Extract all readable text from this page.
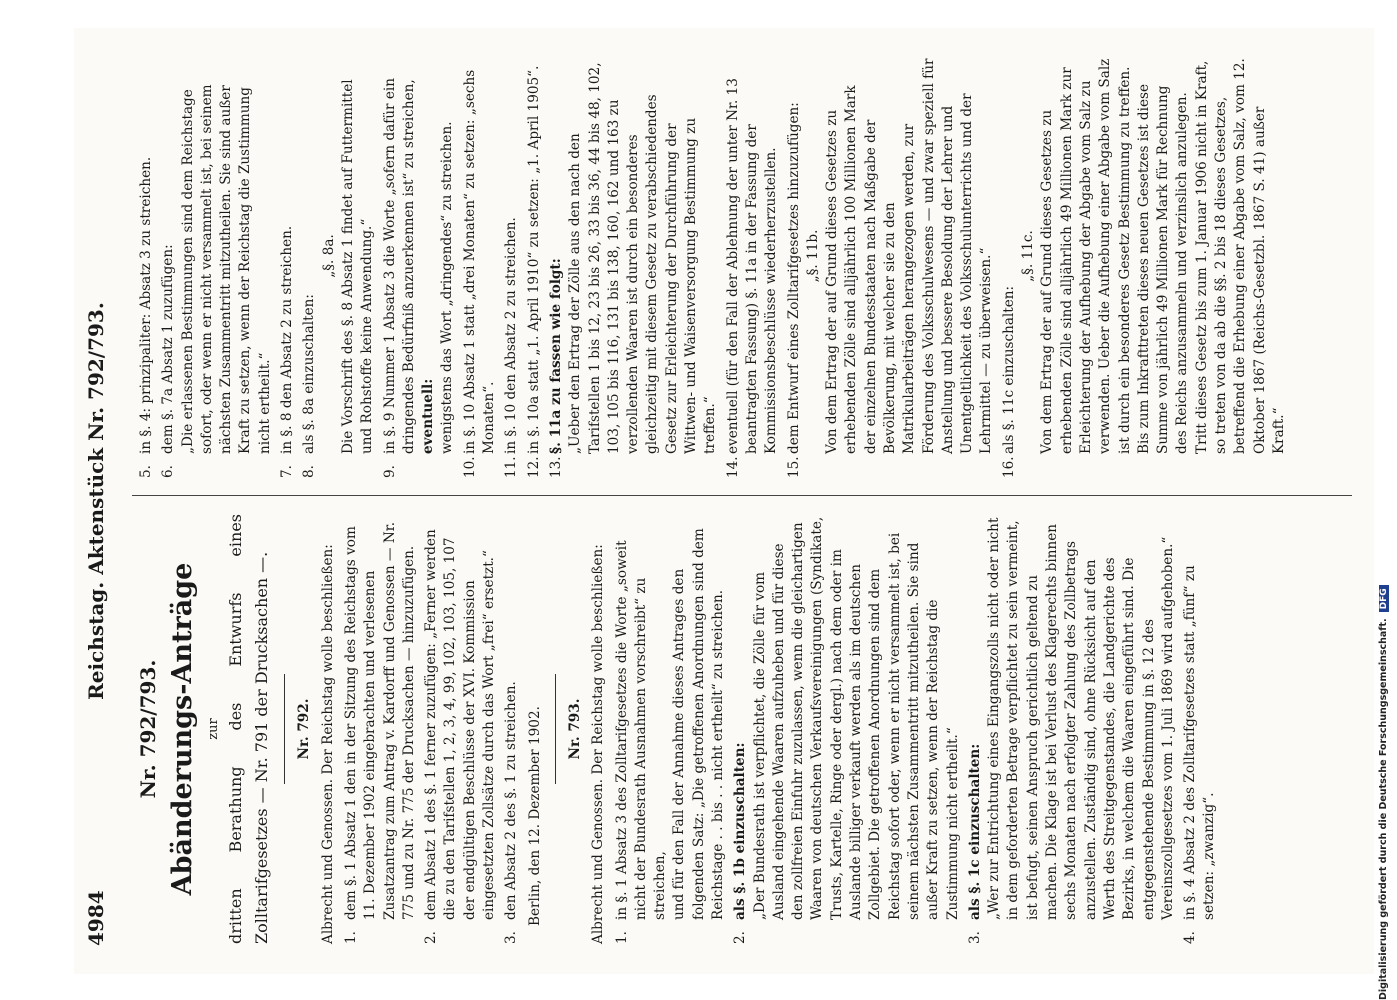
4984
Reichstag. Aktenstück Nr. 792/793.
Nr. 792/793. Abänderungs-Anträge zur dritten Berathung des Entwurfs eines Zolltarifgesetzes — Nr. 791 der Drucksachen —. Nr. 792. Albrecht und Genossen. Der Reichstag wolle beschließen: 1.
dem §. 1 Absatz 1 den in der Sitzung des Reichstags vom 11. Dezember 1902 eingebrachten und verlesenen Zusatzantrag zum Antrag v. Kardorff und Genossen — Nr. 775 und zu Nr. 775 der Drucksachen — hinzuzufügen.
2.
dem Absatz 1 des §. 1 ferner zuzufügen: „Ferner werden die zu den Tarifstellen 1, 2, 3, 4, 99, 102, 103, 105, 107 der endgültigen Beschlüsse der XVI. Kommission eingesetzten Zollsätze durch das Wort „frei“ ersetzt.“
3.
den Absatz 2 des §. 1 zu streichen. Berlin, den 12. Dezember 1902. Nr. 793. Albrecht und Genossen. Der Reichstag wolle beschließen: 1.
in §. 1 Absatz 3 des Zolltarifgesetzes die Worte „soweit nicht der Bundesrath Ausnahmen vorschreibt“ zu streichen, und für den Fall der Annahme dieses Antrages den folgenden Satz: „Die getroffenen Anordnungen sind dem Reichstage . . bis . . nicht ertheilt“ zu streichen.
2.
als §. 1b einzuschalten: „Der Bundesrath ist verpflichtet, die Zölle für vom Ausland eingehende Waaren aufzuheben und für diese den zollfreien Einfuhr zuzulassen, wenn die gleichartigen Waaren von deutschen Verkaufsvereinigungen (Syndikate, Trusts, Kartelle, Ringe oder dergl.) nach dem oder im Auslande billiger verkauft werden als im deutschen Zollgebiet. Die getroffenen Anordnungen sind dem Reichstag sofort oder, wenn er nicht versammelt ist, bei seinem nächsten Zusammentritt mitzutheilen. Sie sind außer Kraft zu setzen, wenn der Reichstag die Zustimmung nicht ertheilt.“
3.
als §. 1c einzuschalten: „Wer zur Entrichtung eines Eingangszolls nicht oder nicht in dem geforderten Betrage verpflichtet zu sein vermeint, ist befugt, seinen Anspruch gerichtlich geltend zu machen. Die Klage ist bei Verlust des Klagerechts binnen sechs Monaten nach erfolgter Zahlung des Zollbetrags anzustellen. Zuständig sind, ohne Rücksicht auf den Werth des Streitgegenstandes, die Landgerichte des Bezirks, in welchem die Waaren eingeführt sind. Die entgegenstehende Bestimmung in §. 12 des Vereinszollgesetzes vom 1. Juli 1869 wird aufgehoben.“
4.
in §. 4 Absatz 2 des Zolltarifgesetzes statt „fünf“ zu setzen: „zwanzig“.
5.
in §. 4: prinzipaliter: Absatz 3 zu streichen.
6.
dem §. 7a Absatz 1 zuzufügen: „Die erlassenen Bestimmungen sind dem Reichstage sofort, oder wenn er nicht versammelt ist, bei seinem nächsten Zusammentritt mitzutheilen. Sie sind außer Kraft zu setzen, wenn der Reichstag die Zustimmung nicht ertheilt.“
7.
in §. 8 den Absatz 2 zu streichen.
8.
als §. 8a einzuschalten:
„§. 8a. Die Vorschrift des §. 8 Absatz 1 findet auf Futtermittel und Rohstoffe keine Anwendung.“
9.
in §. 9 Nummer 1 Absatz 3 die Worte „sofern dafür ein dringendes Bedürfniß anzuerkennen ist“ zu streichen, eventuell: wenigstens das Wort „dringendes“ zu streichen.
10.
in §. 10 Absatz 1 statt „drei Monaten“ zu setzen: „sechs Monaten“.
11.
in §. 10 den Absatz 2 zu streichen.
12.
in §. 10a statt „1. April 1910“ zu setzen: „1. April 1905“.
13.
§. 11a zu fassen wie folgt: „Ueber den Ertrag der Zölle aus den nach den Tarifstellen 1 bis 12, 23 bis 26, 33 bis 36, 44 bis 48, 102, 103, 105 bis 116, 131 bis 138, 160, 162 und 163 zu verzollenden Waaren ist durch ein besonderes gleichzeitig mit diesem Gesetz zu verabschiedendes Gesetz zur Erleichterung der Durchführung der Wittwen- und Waisenversorgung Bestimmung zu treffen.“
14.
eventuell (für den Fall der Ablehnung der unter Nr. 13 beantragten Fassung) §. 11a in der Fassung der Kommissionsbeschlüsse wiederherzustellen.
15.
dem Entwurf eines Zolltarifgesetzes hinzuzufügen: „§. 11b. Von dem Ertrag der auf Grund dieses Gesetzes zu erhebenden Zölle sind alljährlich 100 Millionen Mark der einzelnen Bundesstaaten nach Maßgabe der Bevölkerung, mit welcher sie zu den Matrikularbeiträgen herangezogen werden, zur Förderung des Volksschulwesens — und zwar speziell für Anstellung und bessere Besoldung der Lehrer und Unentgeltlichkeit des Volksschulunterrichts und der Lehrmittel — zu überweisen.“
16.
als §. 11c einzuschalten:
„§. 11c. Von dem Ertrag der auf Grund dieses Gesetzes zu erhebenden Zölle sind alljährlich 49 Millionen Mark zur Erleichterung der Aufhebung der Abgabe vom Salz zu verwenden. Ueber die Aufhebung einer Abgabe vom Salz ist durch ein besonderes Gesetz Bestimmung zu treffen. Bis zum Inkrafttreten dieses neuen Gesetzes ist diese Summe von jährlich 49 Millionen Mark für Rechnung des Reichs anzusammeln und verzinslich anzulegen. Tritt dieses Gesetz bis zum 1. Januar 1906 nicht in Kraft, so treten von da ab die §§. 2 bis 18 dieses Gesetzes, betreffend die Erhebung einer Abgabe vom Salz, vom 12. Oktober 1867 (Reichs-Gesetzbl. 1867 S. 41) außer Kraft.“
Digitalisierung gefördert durch die Deutsche Forschungsgemeinschaft.DFG
